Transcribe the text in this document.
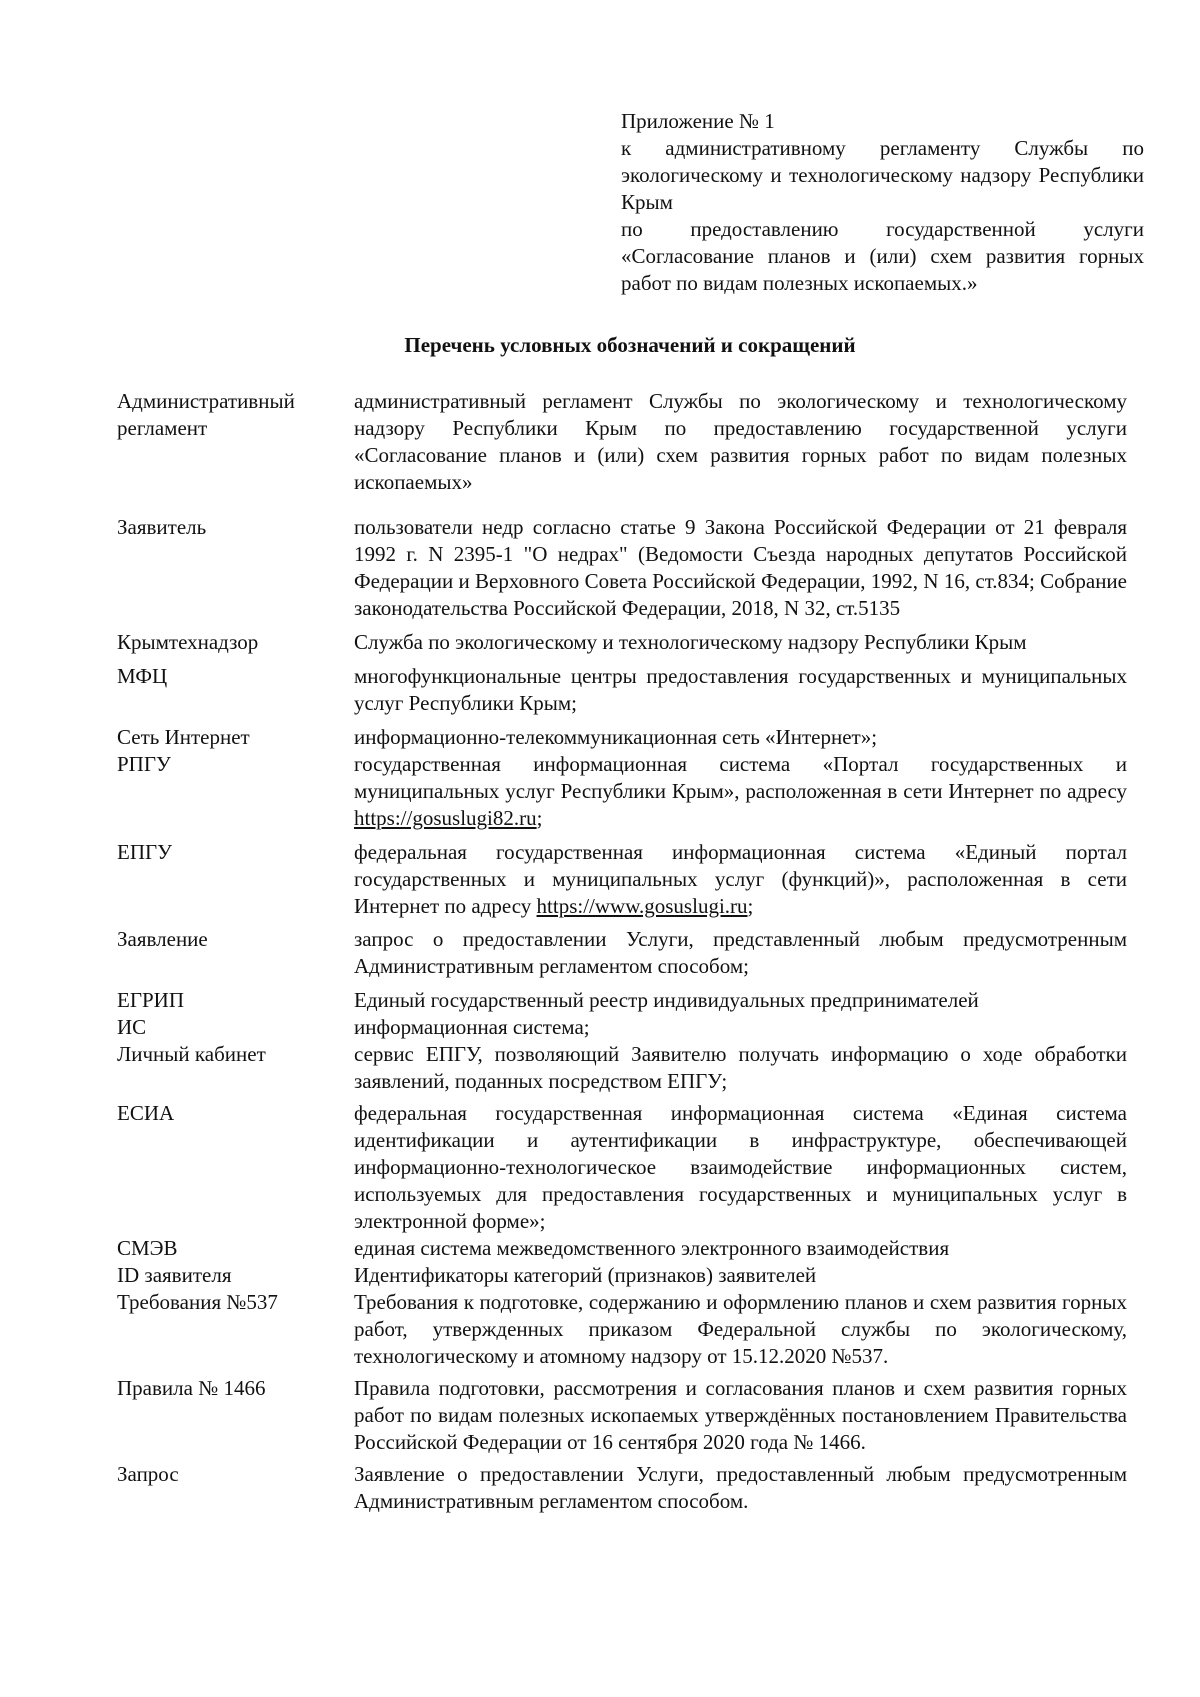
Приложение № 1
к административному регламенту Службы по экологическому и технологическому надзору Республики Крым
по предоставлению государственной услуги «Согласование планов и (или) схем развития горных работ по видам полезных ископаемых.»
Перечень условных обозначений и сокращений
Административный регламент	административный регламент Службы по экологическому и технологическому надзору Республики Крым по предоставлению государственной услуги «Согласование планов и (или) схем развития горных работ по видам полезных ископаемых»
Заявитель	пользователи недр согласно статье 9 Закона Российской Федерации от 21 февраля 1992 г. N 2395-1 "О недрах" (Ведомости Съезда народных депутатов Российской Федерации и Верховного Совета Российской Федерации, 1992, N 16, ст.834; Собрание законодательства Российской Федерации, 2018, N 32, ст.5135
Крымтехнадзор	Служба по экологическому и технологическому надзору Республики Крым
МФЦ	многофункциональные центры предоставления государственных и муниципальных услуг Республики Крым;
Сеть Интернет	информационно-телекоммуникационная сеть «Интернет»;
РПГУ	государственная информационная система «Портал государственных и муниципальных услуг Республики Крым», расположенная в сети Интернет по адресу https://gosuslugi82.ru;
ЕПГУ	федеральная государственная информационная система «Единый портал государственных и муниципальных услуг (функций)», расположенная в сети Интернет по адресу https://www.gosuslugi.ru;
Заявление	запрос о предоставлении Услуги, представленный любым предусмотренным Административным регламентом способом;
ЕГРИП	Единый государственный реестр индивидуальных предпринимателей
ИС	информационная система;
Личный кабинет	сервис ЕПГУ, позволяющий Заявителю получать информацию о ходе обработки заявлений, поданных посредством ЕПГУ;
ЕСИА	федеральная государственная информационная система «Единая система идентификации и аутентификации в инфраструктуре, обеспечивающей информационно-технологическое взаимодействие информационных систем, используемых для предоставления государственных и муниципальных услуг в электронной форме»;
СМЭВ	единая система межведомственного электронного взаимодействия
ID заявителя	Идентификаторы категорий (признаков) заявителей
Требования №537	Требования к подготовке, содержанию и оформлению планов и схем развития горных работ, утвержденных приказом Федеральной службы по экологическому, технологическому и атомному надзору от 15.12.2020 №537.
Правила № 1466	Правила подготовки, рассмотрения и согласования планов и схем развития горных работ по видам полезных ископаемых утверждённых постановлением Правительства Российской Федерации от 16 сентября 2020 года № 1466.
Запрос	Заявление о предоставлении Услуги, предоставленный любым предусмотренным Административным регламентом способом.
